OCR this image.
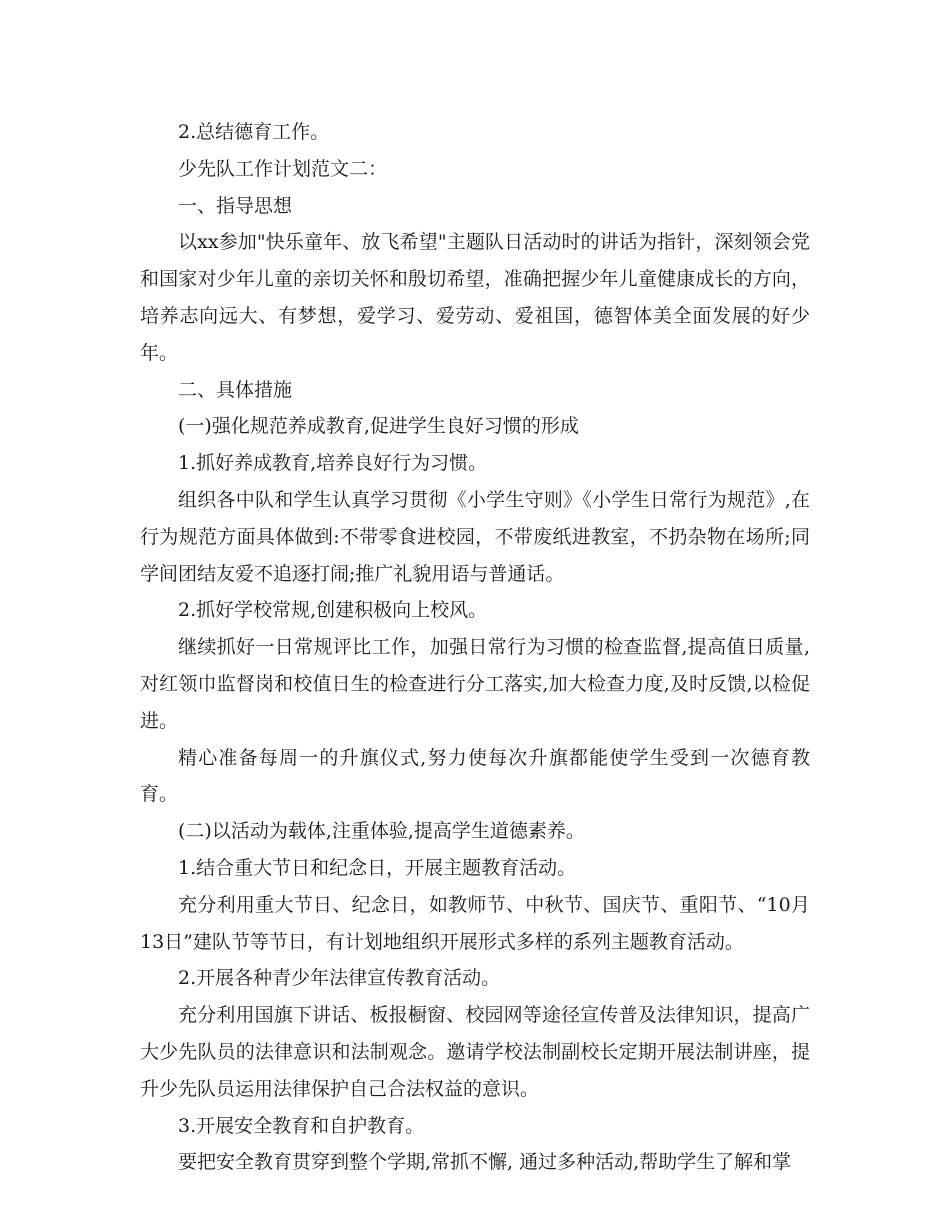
2.总结德育工作。

少先队工作计划范文二：

一、指导思想

以xx参加"快乐童年、放飞希望"主题队日活动时的讲话为指针，深刻领会党和国家对少年儿童的亲切关怀和殷切希望，准确把握少年儿童健康成长的方向，培养志向远大、有梦想，爱学习、爱劳动、爱祖国，德智体美全面发展的好少年。

二、具体措施

(一)强化规范养成教育,促进学生良好习惯的形成

1.抓好养成教育,培养良好行为习惯。

组织各中队和学生认真学习贯彻《小学生守则》《小学生日常行为规范》,在行为规范方面具体做到:不带零食进校园，不带废纸进教室，不扔杂物在场所;同学间团结友爱不追逐打闹;推广礼貌用语与普通话。

2.抓好学校常规,创建积极向上校风。

继续抓好一日常规评比工作，加强日常行为习惯的检查监督,提高值日质量,对红领巾监督岗和校值日生的检查进行分工落实,加大检查力度,及时反馈,以检促进。

精心准备每周一的升旗仪式,努力使每次升旗都能使学生受到一次德育教育。

(二)以活动为载体,注重体验,提高学生道德素养。

1.结合重大节日和纪念日，开展主题教育活动。

充分利用重大节日、纪念日，如教师节、中秋节、国庆节、重阳节、“10月13日”建队节等节日，有计划地组织开展形式多样的系列主题教育活动。

2.开展各种青少年法律宣传教育活动。

充分利用国旗下讲话、板报橱窗、校园网等途径宣传普及法律知识，提高广大少先队员的法律意识和法制观念。邀请学校法制副校长定期开展法制讲座，提升少先队员运用法律保护自己合法权益的意识。

3.开展安全教育和自护教育。

要把安全教育贯穿到整个学期,常抓不懈, 通过多种活动,帮助学生了解和掌
